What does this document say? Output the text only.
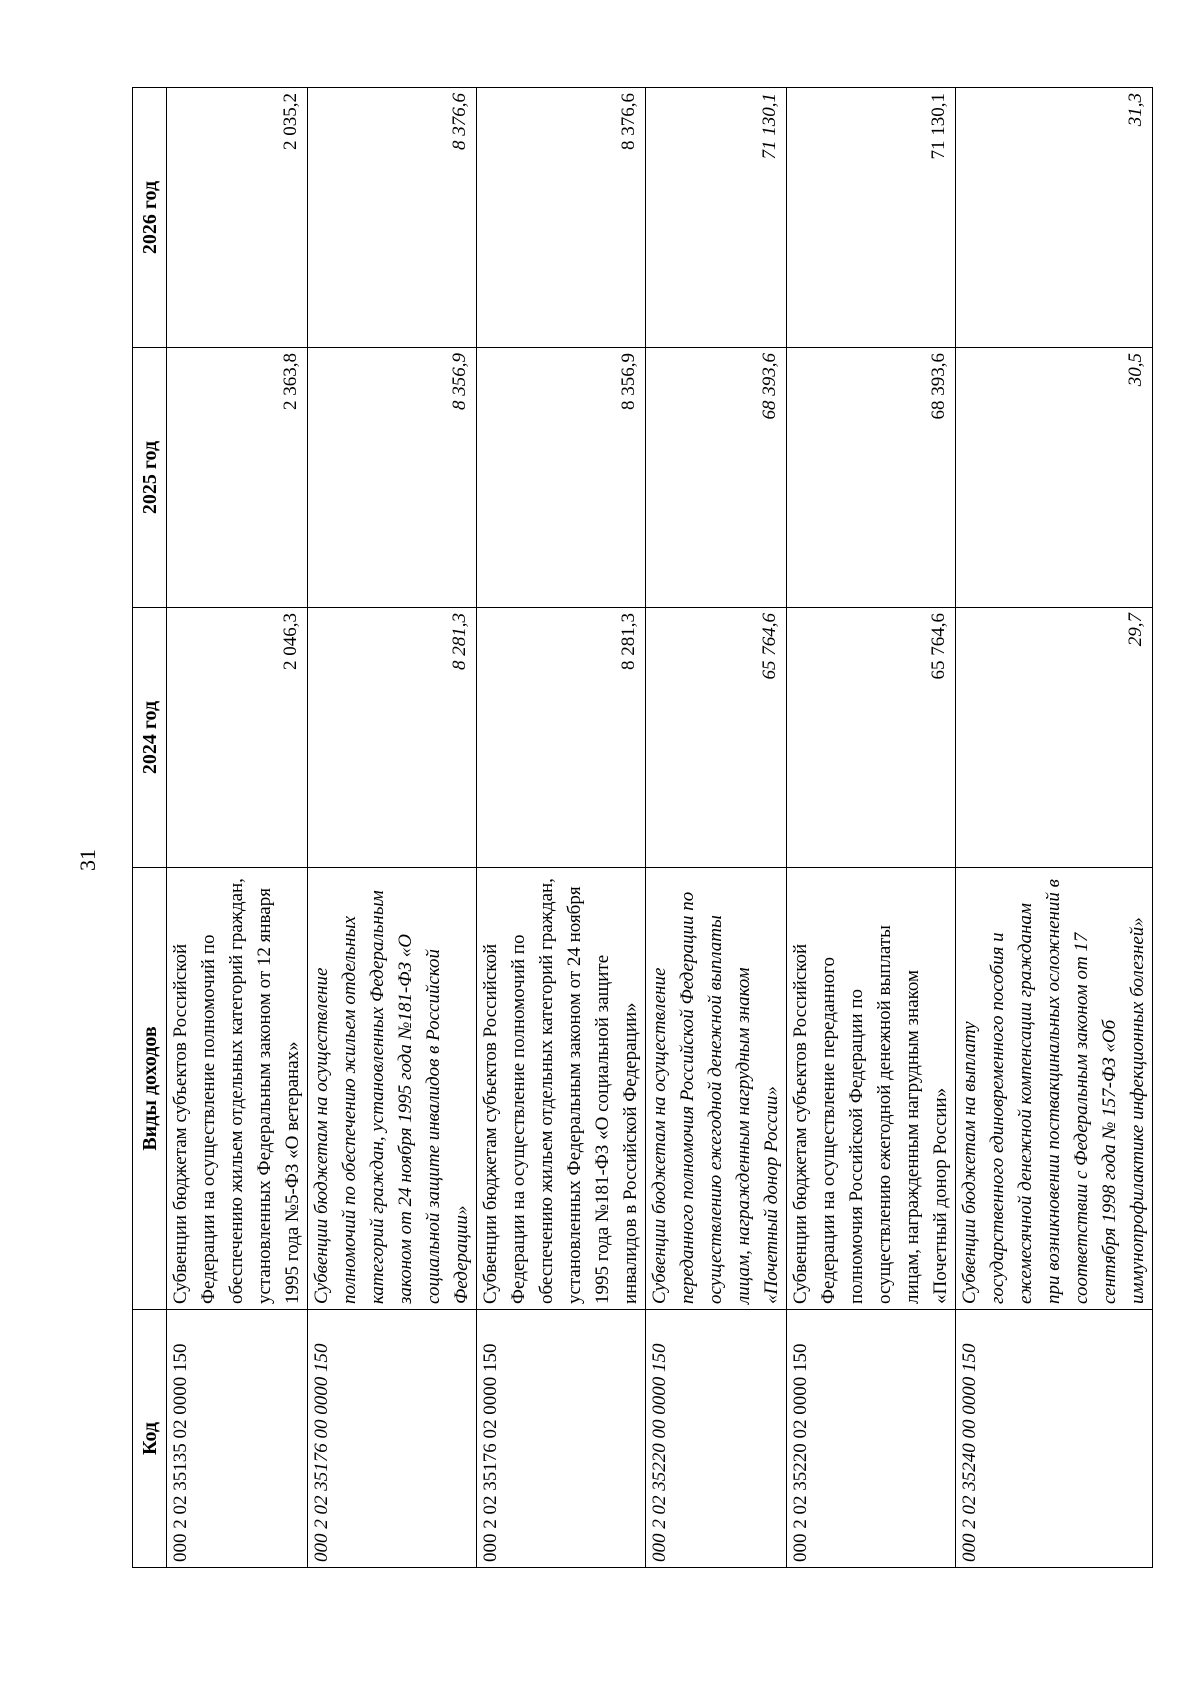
31
Код	Виды доходов	2024 год	2025 год	2026 год
000 2 02 35135 02 0000 150	Субвенции бюджетам субъектов Российской Федерации на осуществление полномочий по обеспечению жильем отдельных категорий граждан, установленных Федеральным законом от 12 января 1995 года №5-ФЗ «О ветеранах»	2 046,3	2 363,8	2 035,2
000 2 02 35176 00 0000 150	Субвенции бюджетам на осуществление полномочий по обеспечению жильем отдельных категорий граждан, установленных Федеральным законом от 24 ноября 1995 года №181-ФЗ «О социальной защите инвалидов в Российской Федерации»	8 281,3	8 356,9	8 376,6
000 2 02 35176 02 0000 150	Субвенции бюджетам субъектов Российской Федерации на осуществление полномочий по обеспечению жильем отдельных категорий граждан, установленных Федеральным законом от 24 ноября 1995 года №181-ФЗ «О социальной защите инвалидов в Российской Федерации»	8 281,3	8 356,9	8 376,6
000 2 02 35220 00 0000 150	Субвенции бюджетам на осуществление переданного полномочия Российской Федерации по осуществлению ежегодной денежной выплаты лицам, награжденным нагрудным знаком «Почетный донор России»	65 764,6	68 393,6	71 130,1
000 2 02 35220 02 0000 150	Субвенции бюджетам субъектов Российской Федерации на осуществление переданного полномочия Российской Федерации по осуществлению ежегодной денежной выплаты лицам, награжденным нагрудным знаком «Почетный донор России»	65 764,6	68 393,6	71 130,1
000 2 02 35240 00 0000 150	Субвенции бюджетам на выплату государственного единовременного пособия и ежемесячной денежной компенсации гражданам при возникновении поствакцинальных осложнений в соответствии с Федеральным законом от 17 сентября 1998 года № 157-ФЗ «Об иммунопрофилактике инфекционных болезней»	29,7	30,5	31,3
